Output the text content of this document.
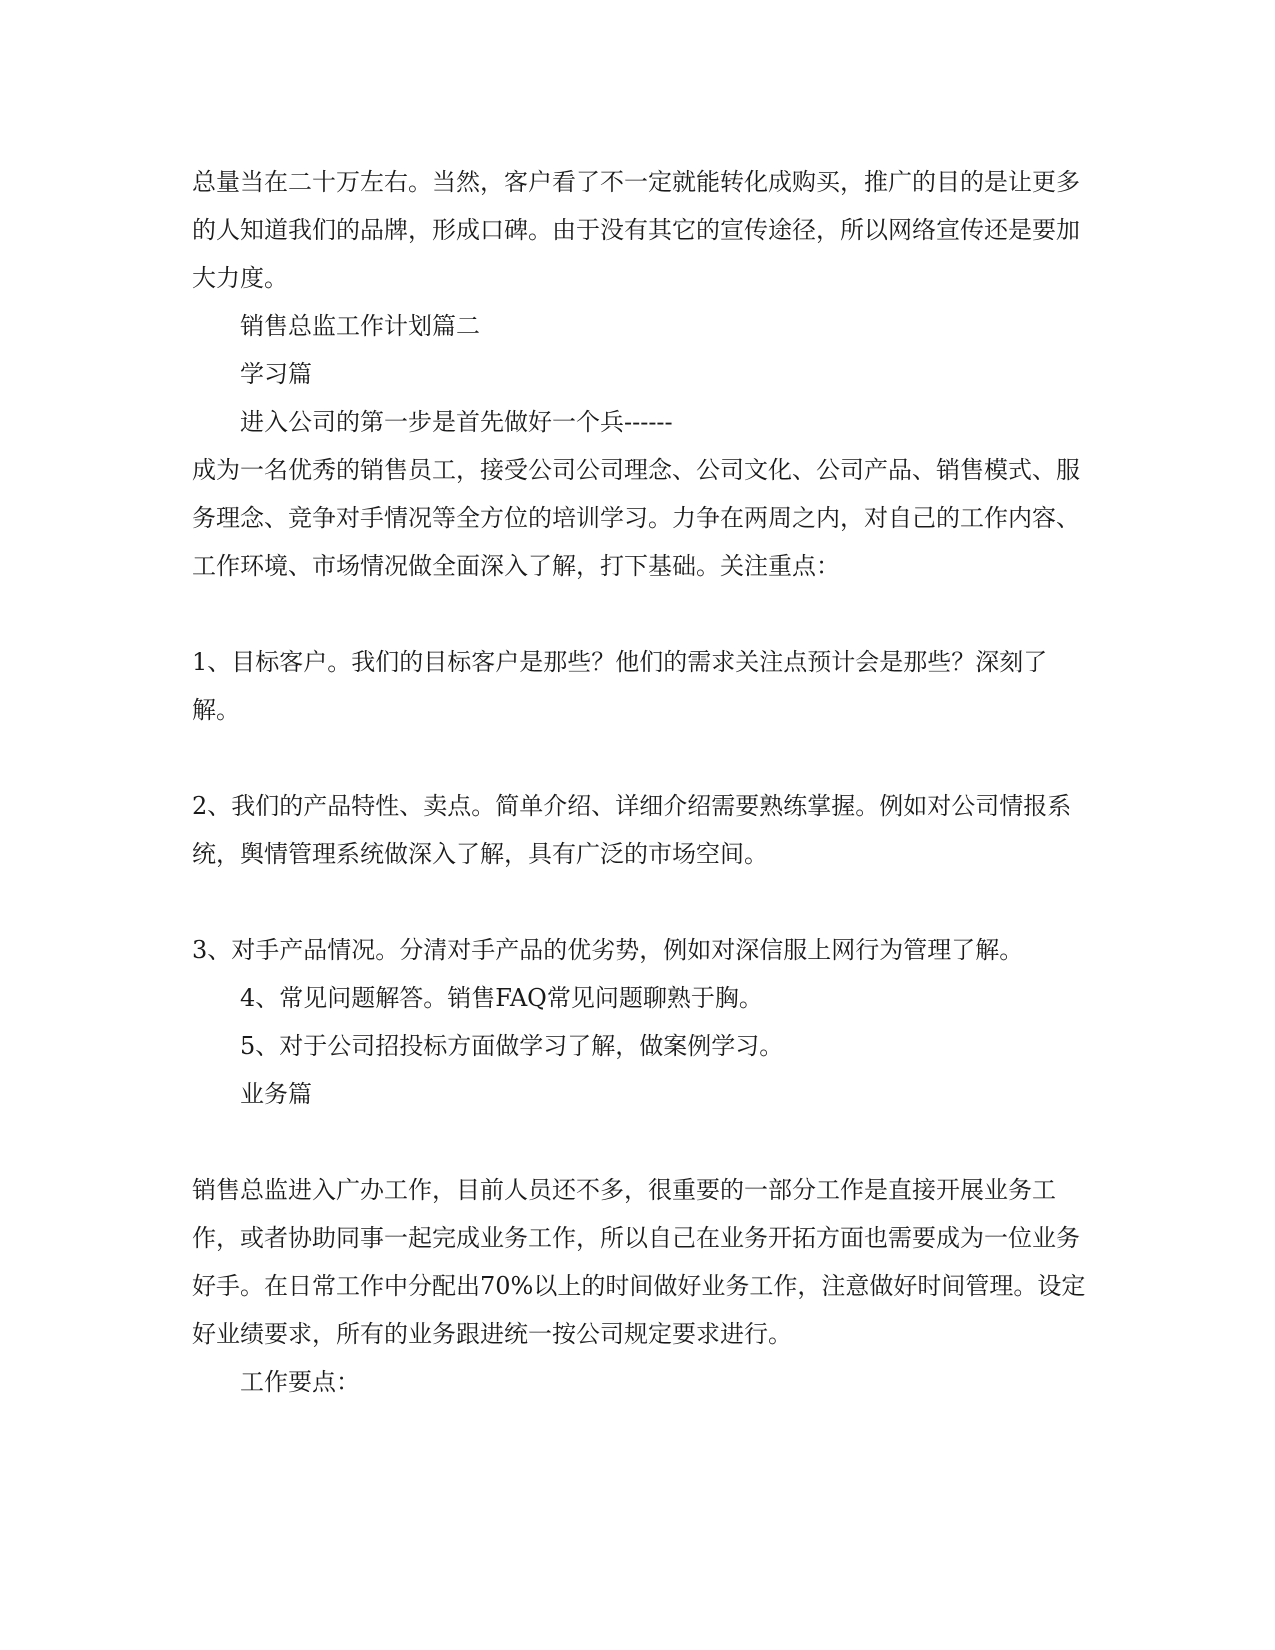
总量当在二十万左右。当然，客户看了不一定就能转化成购买，推广的目的是让更多的人知道我们的品牌，形成口碑。由于没有其它的宣传途径，所以网络宣传还是要加大力度。

销售总监工作计划篇二

学习篇

进入公司的第一步是首先做好一个兵------

成为一名优秀的销售员工，接受公司公司理念、公司文化、公司产品、销售模式、服务理念、竞争对手情况等全方位的培训学习。力争在两周之内，对自己的工作内容、工作环境、市场情况做全面深入了解，打下基础。关注重点：

1、目标客户。我们的目标客户是那些？他们的需求关注点预计会是那些？深刻了解。

2、我们的产品特性、卖点。简单介绍、详细介绍需要熟练掌握。例如对公司情报系统，舆情管理系统做深入了解，具有广泛的市场空间。

3、对手产品情况。分清对手产品的优劣势，例如对深信服上网行为管理了解。

4、常见问题解答。销售FAQ常见问题聊熟于胸。

5、对于公司招投标方面做学习了解，做案例学习。

业务篇

销售总监进入广办工作，目前人员还不多，很重要的一部分工作是直接开展业务工作，或者协助同事一起完成业务工作，所以自己在业务开拓方面也需要成为一位业务好手。在日常工作中分配出70%以上的时间做好业务工作，注意做好时间管理。设定好业绩要求，所有的业务跟进统一按公司规定要求进行。

工作要点：
